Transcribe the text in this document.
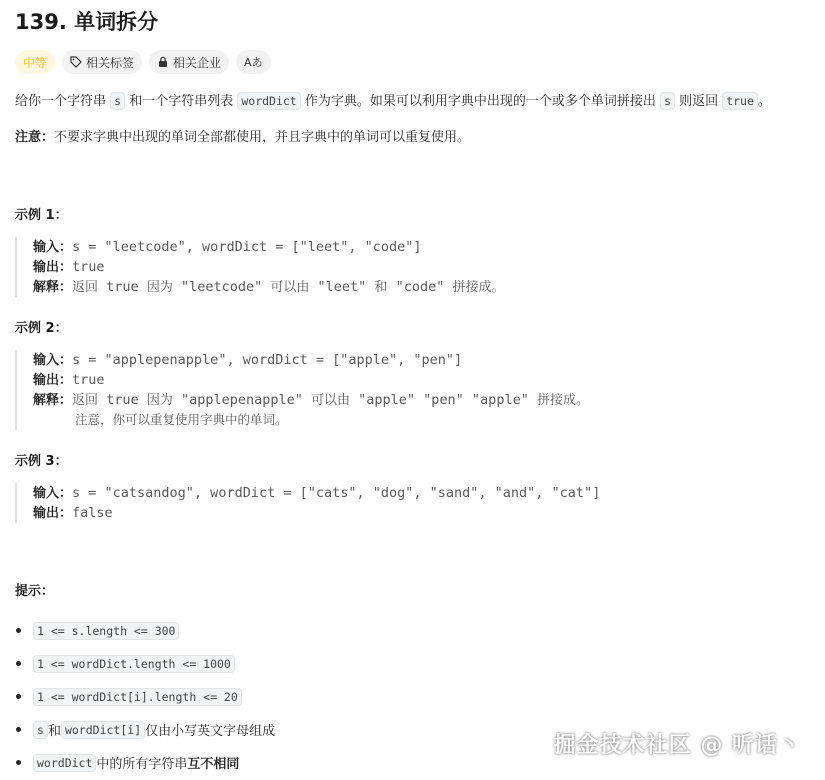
139. 单词拆分
中等	相关标签	相关企业 Aあ
给你一个字符串 s 和一个字符串列表 wordDict 作为字典。如果可以利用字典中出现的一个或多个单词拼接出 s 则返回 true 。
注意：不要求字典中出现的单词全部都使用，并且字典中的单词可以重复使用。
示例 1：
输入：s = "leetcode", wordDict = ["leet", "code"]
输出：true
解释：返回 true 因为 "leetcode" 可以由 "leet" 和 "code" 拼接成。
示例 2：
输入：s = "applepenapple", wordDict = ["apple", "pen"]
输出：true
解释：返回 true 因为 "applepenapple" 可以由 "apple" "pen" "apple" 拼接成。
注意，你可以重复使用字典中的单词。
示例 3：
输入：s = "catsandog", wordDict = ["cats", "dog", "sand", "and", "cat"]
输出：false
提示：
1 <= s.length <= 300
1 <= wordDict.length <= 1000
1 <= wordDict[i].length <= 20
s 和 wordDict[i] 仅由小写英文字母组成
wordDict 中的所有字符串 互不相同
掘金技术社区 @ 听话丶
